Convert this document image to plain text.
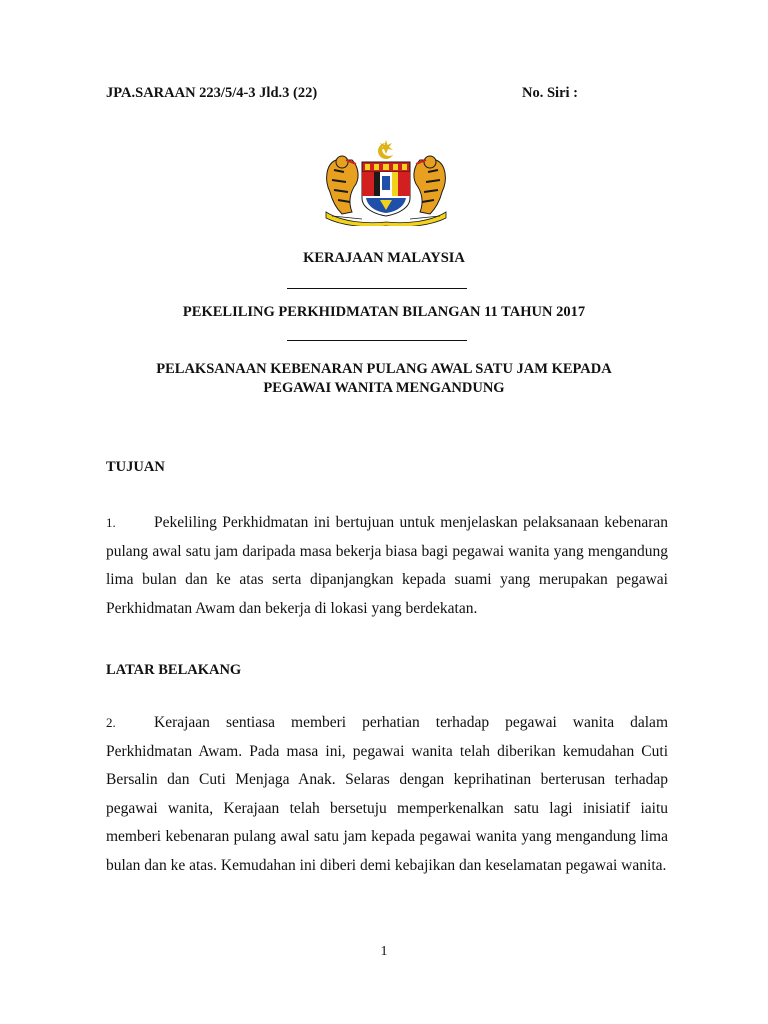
JPA.SARAAN 223/5/4-3 Jld.3 (22)	No. Siri :
KERAJAAN MALAYSIA
PEKELILING PERKHIDMATAN BILANGAN 11 TAHUN 2017
PELAKSANAAN KEBENARAN PULANG AWAL SATU JAM KEPADA
PEGAWAI WANITA MENGANDUNG
TUJUAN
1. Pekeliling Perkhidmatan ini bertujuan untuk menjelaskan pelaksanaan kebenaran pulang awal satu jam daripada masa bekerja biasa bagi pegawai wanita yang mengandung lima bulan dan ke atas serta dipanjangkan kepada suami yang merupakan pegawai Perkhidmatan Awam dan bekerja di lokasi yang berdekatan.
LATAR BELAKANG
2. Kerajaan sentiasa memberi perhatian terhadap pegawai wanita dalam Perkhidmatan Awam. Pada masa ini, pegawai wanita telah diberikan kemudahan Cuti Bersalin dan Cuti Menjaga Anak. Selaras dengan keprihatinan berterusan terhadap pegawai wanita, Kerajaan telah bersetuju memperkenalkan satu lagi inisiatif iaitu memberi kebenaran pulang awal satu jam kepada pegawai wanita yang mengandung lima bulan dan ke atas. Kemudahan ini diberi demi kebajikan dan keselamatan pegawai wanita.
1
